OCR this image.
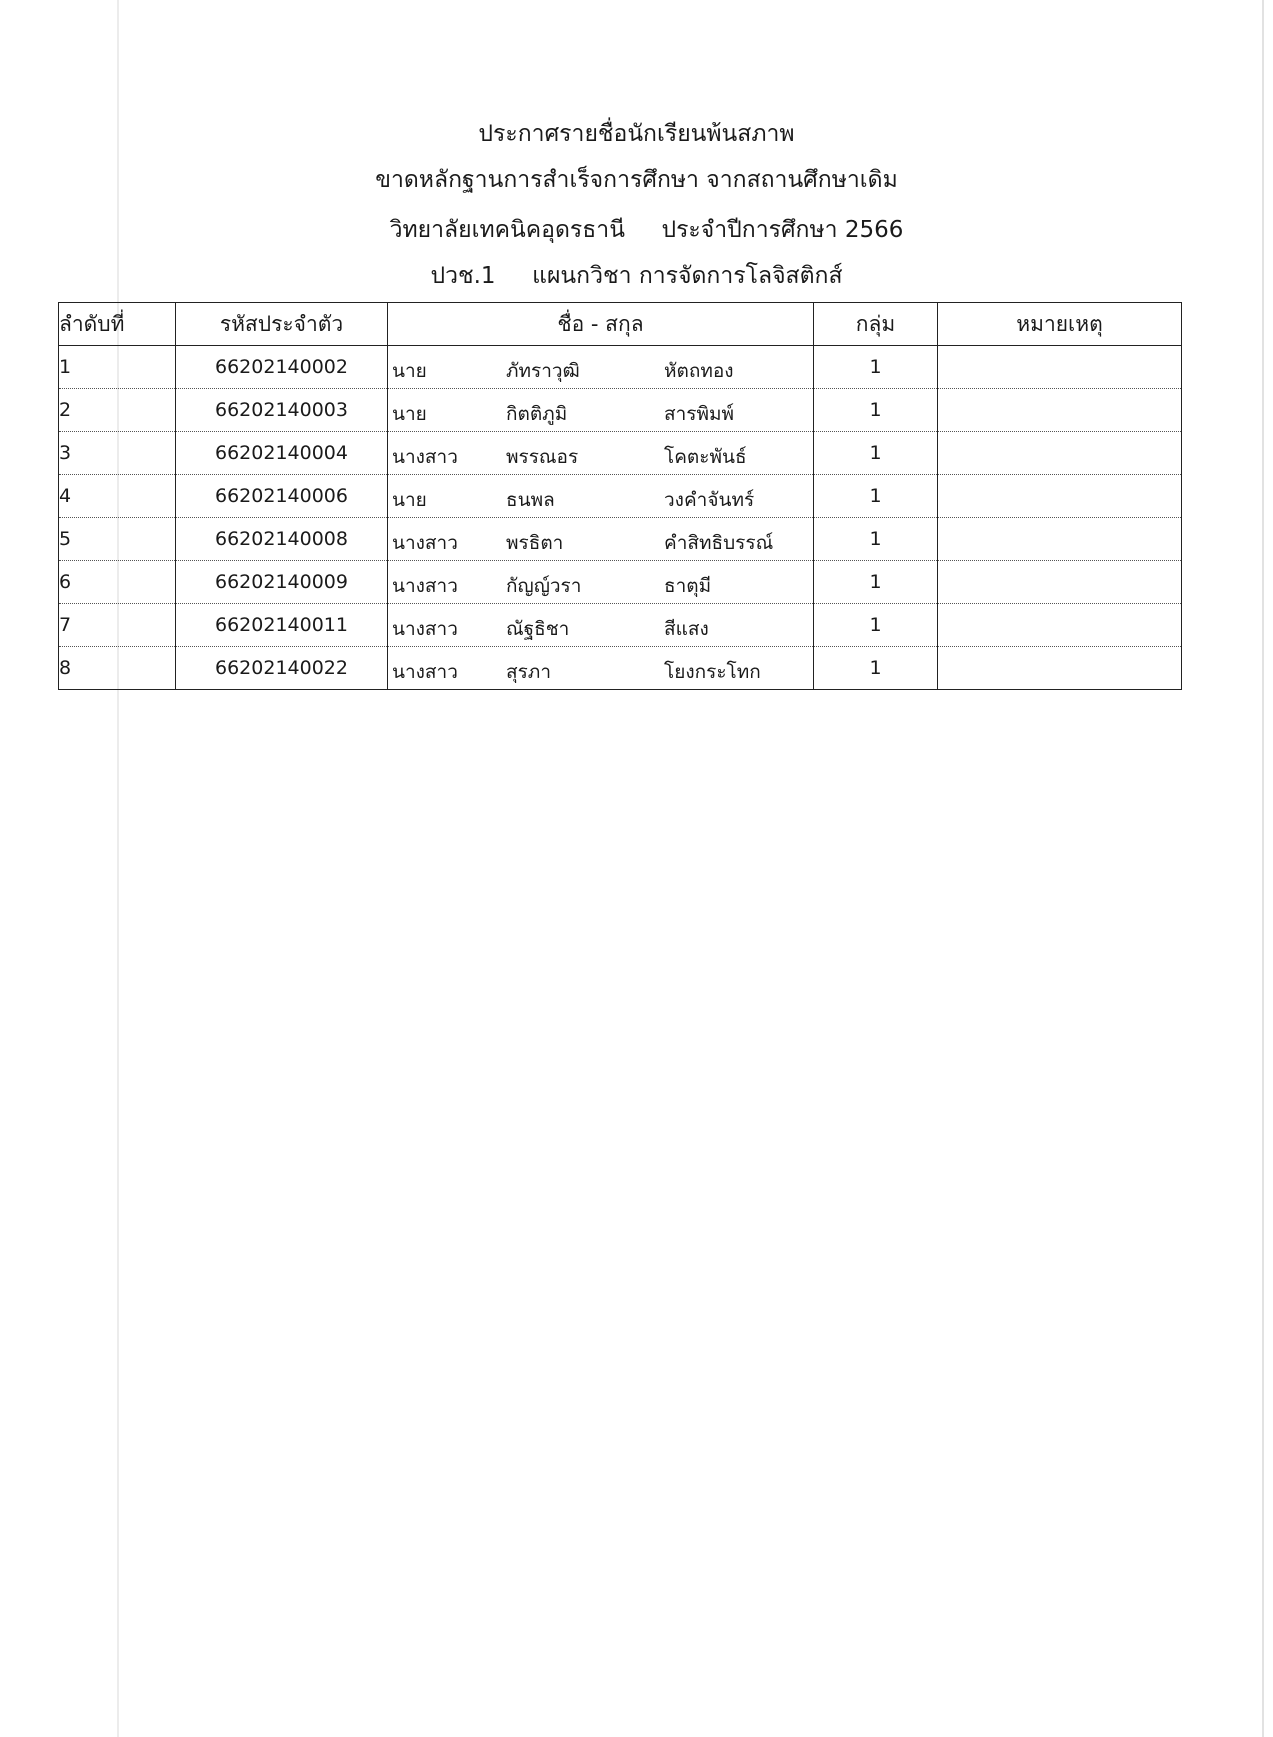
ประกาศรายชื่อนักเรียนพ้นสภาพ
ขาดหลักฐานการสำเร็จการศึกษา จากสถานศึกษาเดิม
วิทยาลัยเทคนิคอุดรธานี     ประจำปีการศึกษา 2566
ปวช.1     แผนกวิชา การจัดการโลจิสติกส์
ลำดับที่	รหัสประจำตัว	ชื่อ - สกุล	กลุ่ม	หมายเหตุ
1	66202140002	นาย ภัทราวุฒิ หัตถทอง	1	
2	66202140003	นาย กิตติภูมิ สารพิมพ์	1	
3	66202140004	นางสาว พรรณอร โคตะพันธ์	1	
4	66202140006	นาย ธนพล วงคำจันทร์	1	
5	66202140008	นางสาว พรธิตา คำสิทธิบรรณ์	1	
6	66202140009	นางสาว กัญญ์วรา ธาตุมี	1	
7	66202140011	นางสาว ณัฐธิชา สีแสง	1	
8	66202140022	นางสาว สุรภา โยงกระโทก	1	
